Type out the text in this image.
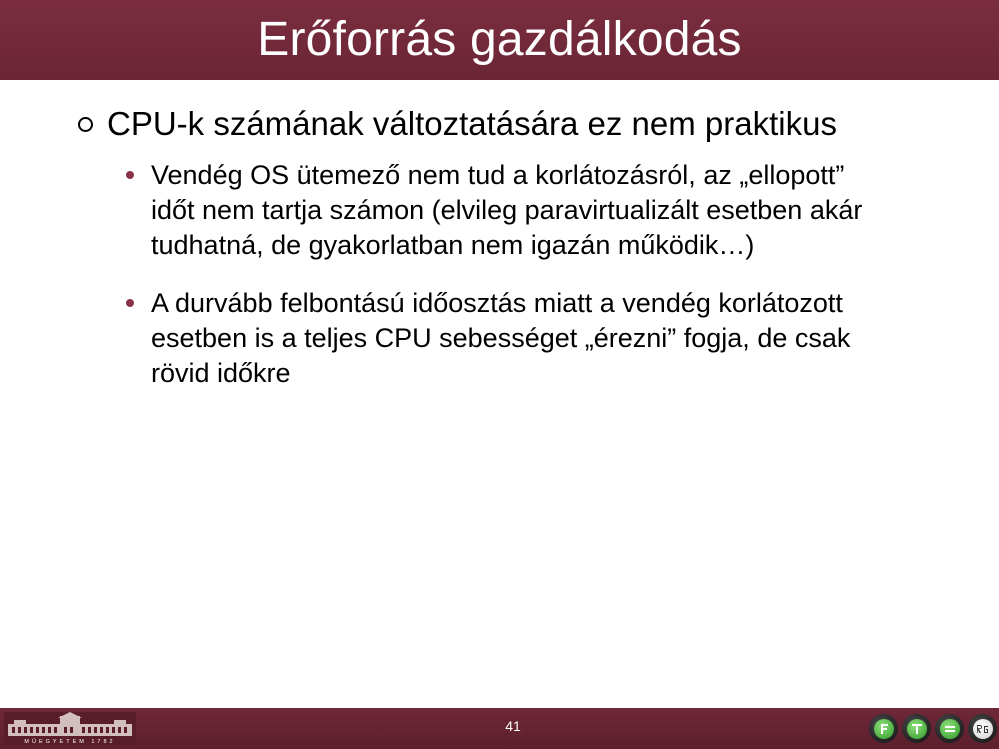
Erőforrás gazdálkodás
CPU-k számának változtatására ez nem praktikus
Vendég OS ütemező nem tud a korlátozásról, az „ellopott”
időt nem tartja számon (elvileg paravirtualizált esetben akár
tudhatná, de gyakorlatban nem igazán működik…)
A durvább felbontású időosztás miatt a vendég korlátozott
esetben is a teljes CPU sebességet „érezni” fogja, de csak
rövid időkre
MŰEGYETEM 1782
41
